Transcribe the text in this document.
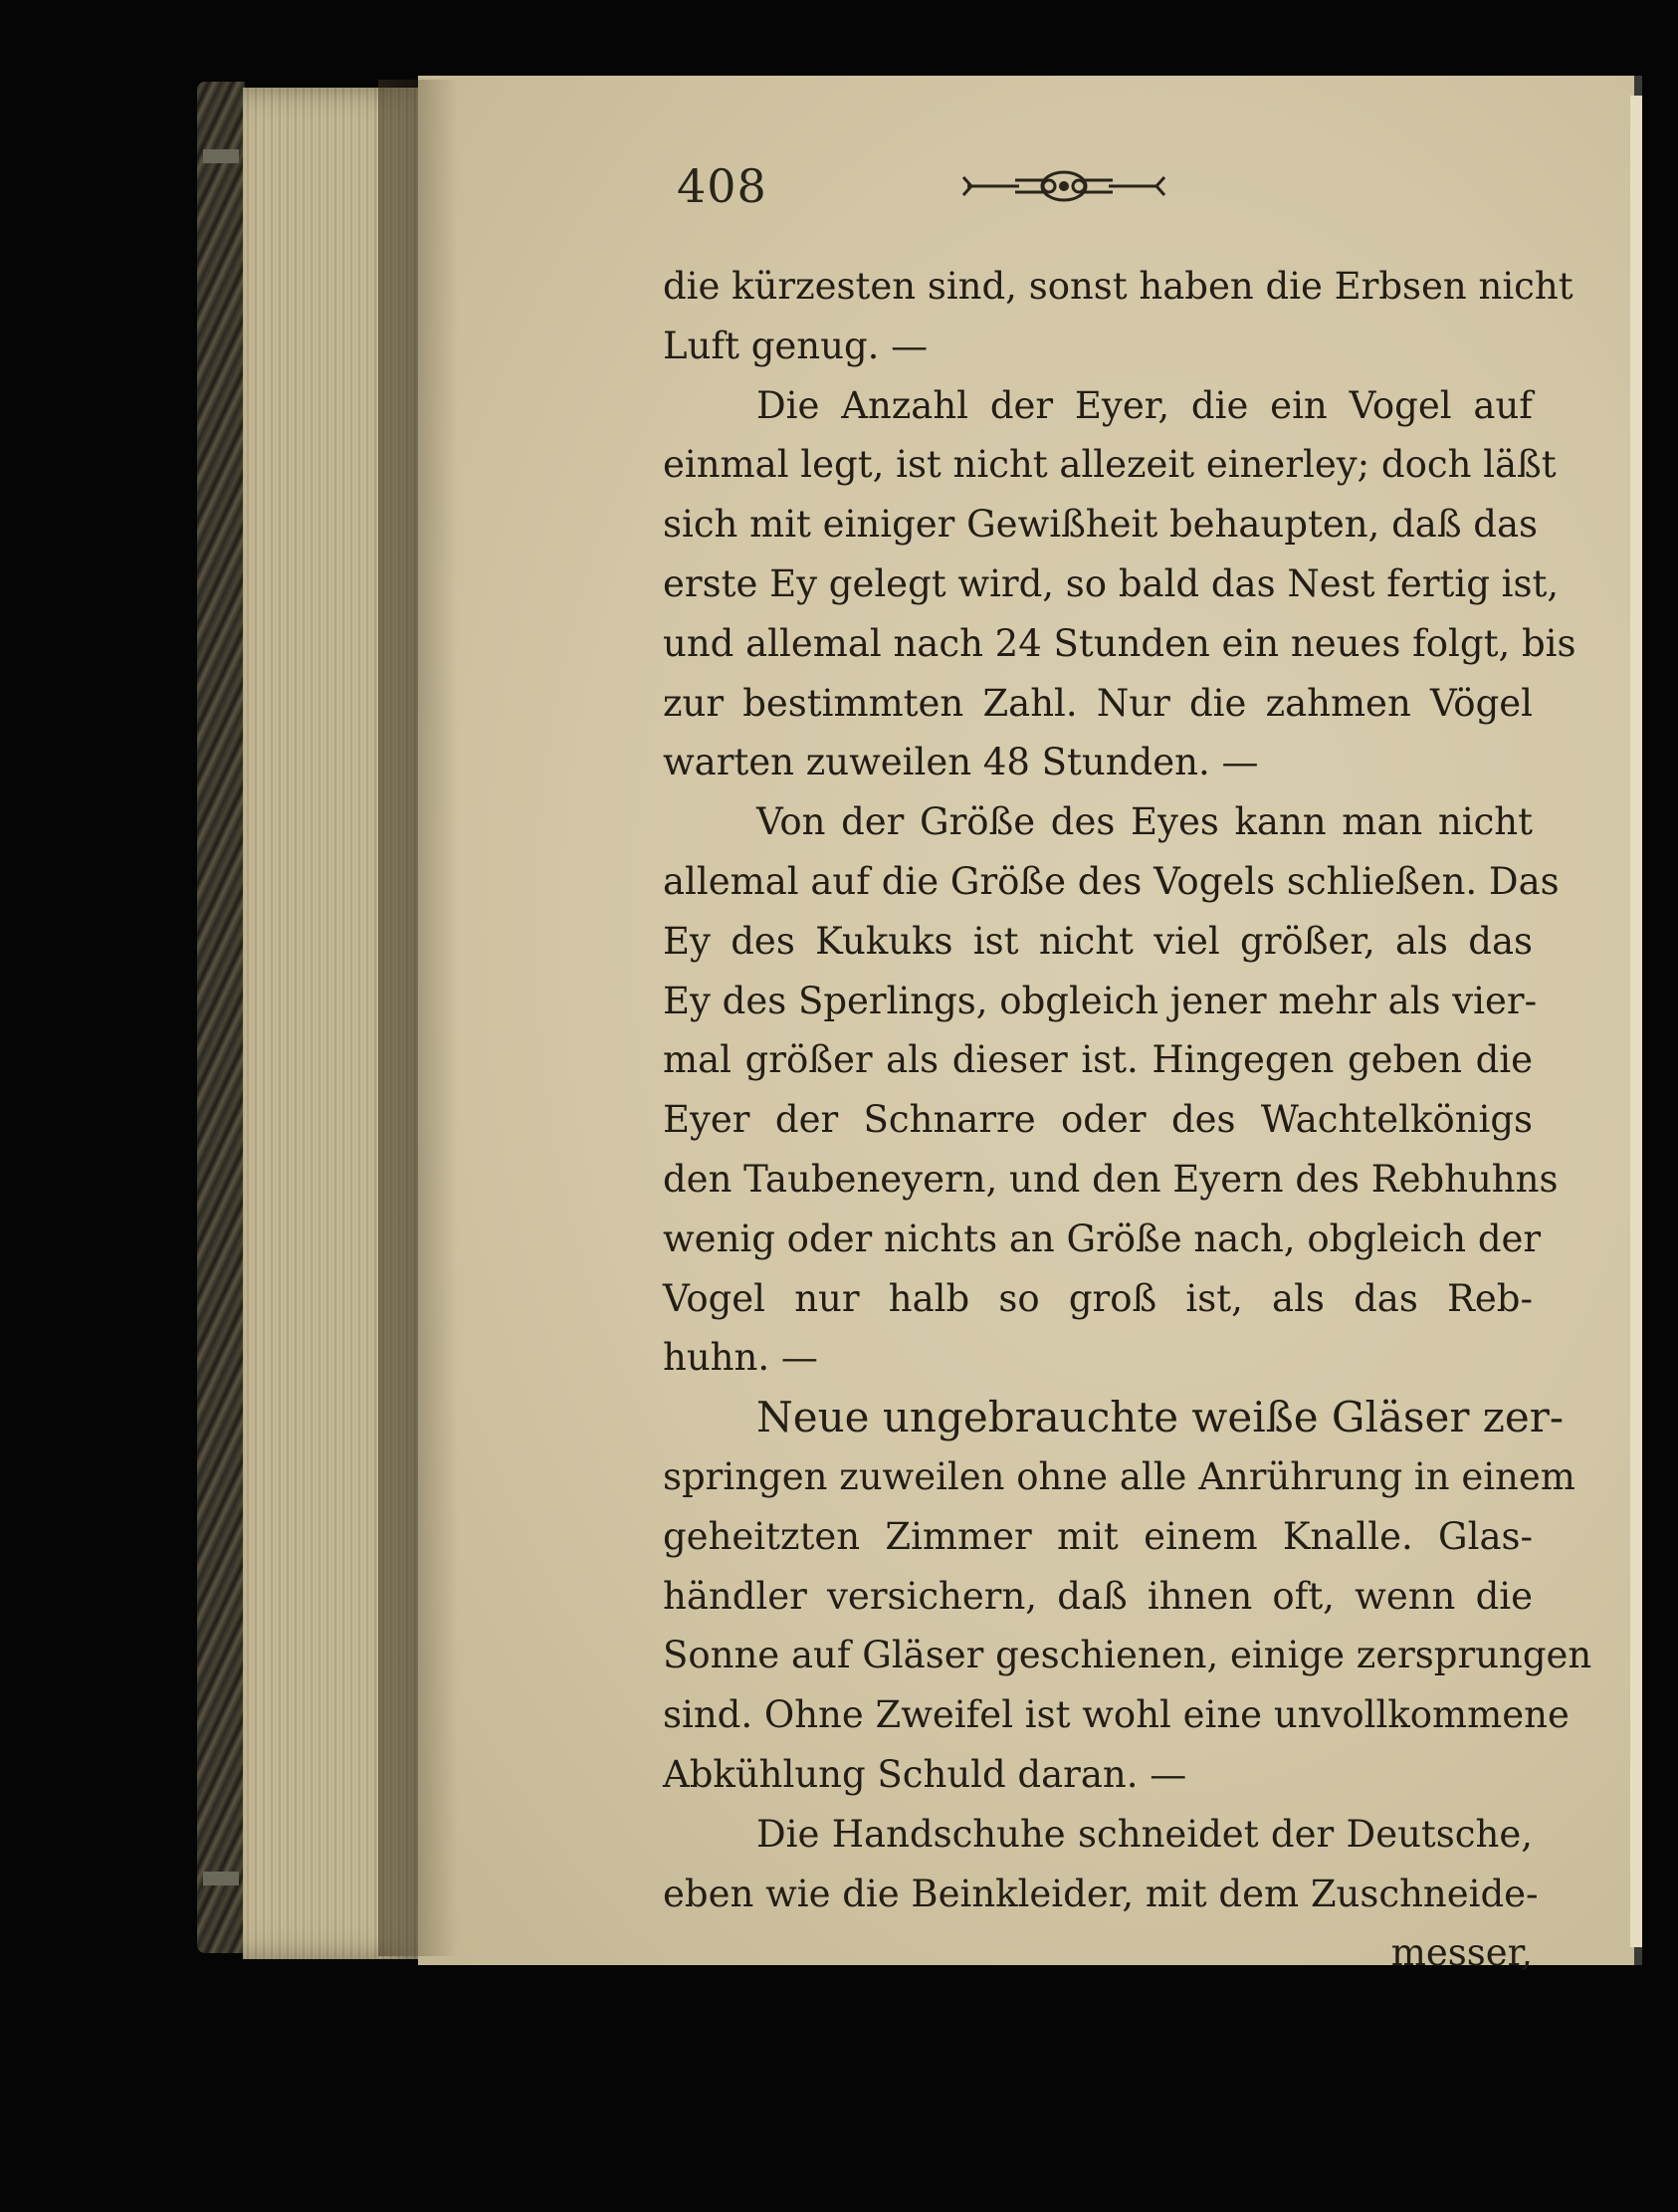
408
die kürzesten sind, sonst haben die Erbsen nicht
Luft genug. —
Die Anzahl der Eyer, die ein Vogel auf
einmal legt, ist nicht allezeit einerley; doch läßt
sich mit einiger Gewißheit behaupten, daß das
erste Ey gelegt wird, so bald das Nest fertig ist,
und allemal nach 24 Stunden ein neues folgt, bis
zur bestimmten Zahl. Nur die zahmen Vögel
warten zuweilen 48 Stunden. —
Von der Größe des Eyes kann man nicht
allemal auf die Größe des Vogels schließen. Das
Ey des Kukuks ist nicht viel größer, als das
Ey des Sperlings, obgleich jener mehr als vier-
mal größer als dieser ist. Hingegen geben die
Eyer der Schnarre oder des Wachtelkönigs
den Taubeneyern, und den Eyern des Rebhuhns
wenig oder nichts an Größe nach, obgleich der
Vogel nur halb so groß ist, als das Reb-
huhn. —
Neue ungebrauchte weiße Gläser zer-
springen zuweilen ohne alle Anrührung in einem
geheitzten Zimmer mit einem Knalle. Glas-
händler versichern, daß ihnen oft, wenn die
Sonne auf Gläser geschienen, einige zersprungen
sind. Ohne Zweifel ist wohl eine unvollkommene
Abkühlung Schuld daran. —
Die Handschuhe schneidet der Deutsche,
eben wie die Beinkleider, mit dem Zuschneide-
messer,
